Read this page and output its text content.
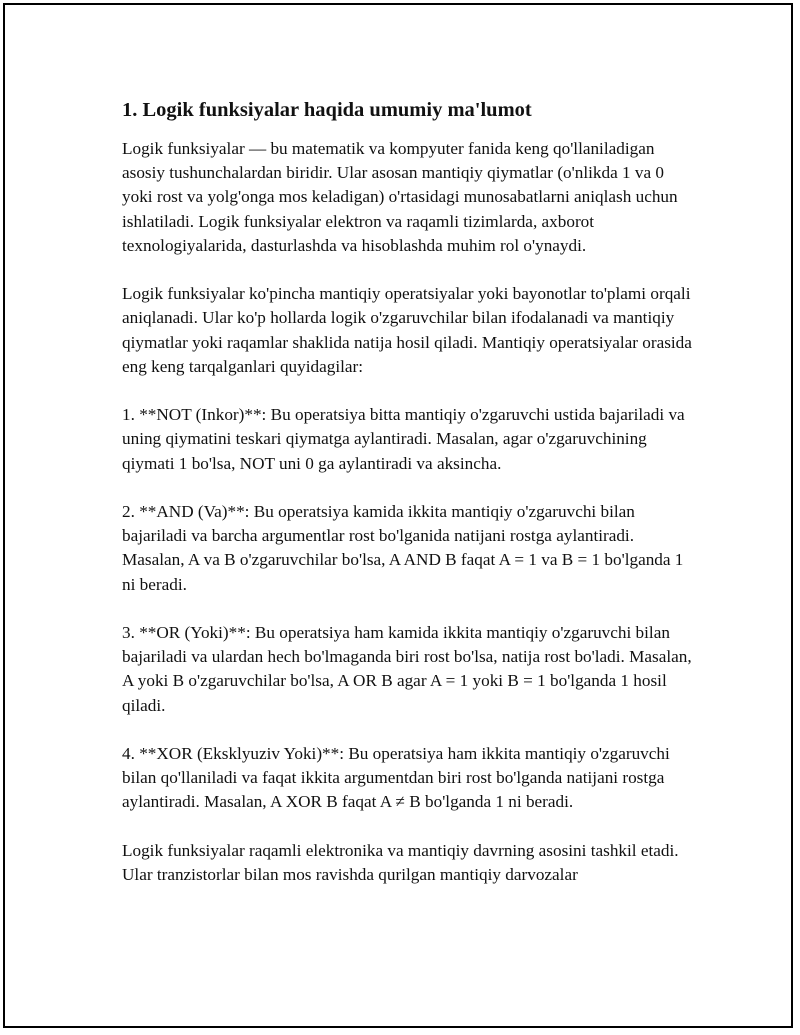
1. Logik funksiyalar haqida umumiy ma'lumot

Logik funksiyalar — bu matematik va kompyuter fanida keng qo'llaniladigan asosiy tushunchalardan biridir. Ular asosan mantiqiy qiymatlar (o'nlikda 1 va 0 yoki rost va yolg'onga mos keladigan) o'rtasidagi munosabatlarni aniqlash uchun ishlatiladi. Logik funksiyalar elektron va raqamli tizimlarda, axborot texnologiyalarida, dasturlashda va hisoblashda muhim rol o'ynaydi.

Logik funksiyalar ko'pincha mantiqiy operatsiyalar yoki bayonotlar to'plami orqali aniqlanadi. Ular ko'p hollarda logik o'zgaruvchilar bilan ifodalanadi va mantiqiy qiymatlar yoki raqamlar shaklida natija hosil qiladi. Mantiqiy operatsiyalar orasida eng keng tarqalganlari quyidagilar:

1. **NOT (Inkor)**: Bu operatsiya bitta mantiqiy o'zgaruvchi ustida bajariladi va uning qiymatini teskari qiymatga aylantiradi. Masalan, agar o'zgaruvchining qiymati 1 bo'lsa, NOT uni 0 ga aylantiradi va aksincha.

2. **AND (Va)**: Bu operatsiya kamida ikkita mantiqiy o'zgaruvchi bilan bajariladi va barcha argumentlar rost bo'lganida natijani rostga aylantiradi. Masalan, A va B o'zgaruvchilar bo'lsa, A AND B faqat A = 1 va B = 1 bo'lganda 1 ni beradi.

3. **OR (Yoki)**: Bu operatsiya ham kamida ikkita mantiqiy o'zgaruvchi bilan bajariladi va ulardan hech bo'lmaganda biri rost bo'lsa, natija rost bo'ladi. Masalan, A yoki B o'zgaruvchilar bo'lsa, A OR B agar A = 1 yoki B = 1 bo'lganda 1 hosil qiladi.

4. **XOR (Eksklyuziv Yoki)**: Bu operatsiya ham ikkita mantiqiy o'zgaruvchi bilan qo'llaniladi va faqat ikkita argumentdan biri rost bo'lganda natijani rostga aylantiradi. Masalan, A XOR B faqat A ≠ B bo'lganda 1 ni beradi.

Logik funksiyalar raqamli elektronika va mantiqiy davrning asosini tashkil etadi. Ular tranzistorlar bilan mos ravishda qurilgan mantiqiy darvozalar
